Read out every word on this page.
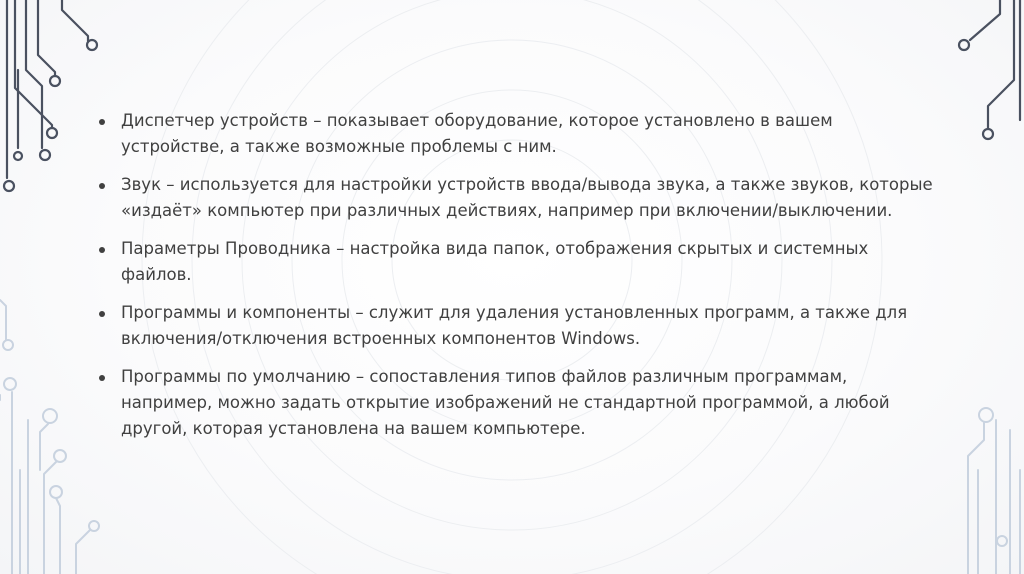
Диспетчер устройств – показывает оборудование, которое установлено в вашем устройстве, а также возможные проблемы с ним.
Звук – используется для настройки устройств ввода/вывода звука, а также звуков, которые «издаёт» компьютер при различных действиях, например при включении/выключении.
Параметры Проводника – настройка вида папок, отображения скрытых и системных файлов.
Программы и компоненты – служит для удаления установленных программ, а также для включения/отключения встроенных компонентов Windows.
Программы по умолчанию – сопоставления типов файлов различным программам, например, можно задать открытие изображений не стандартной программой, а любой другой, которая установлена на вашем компьютере.
